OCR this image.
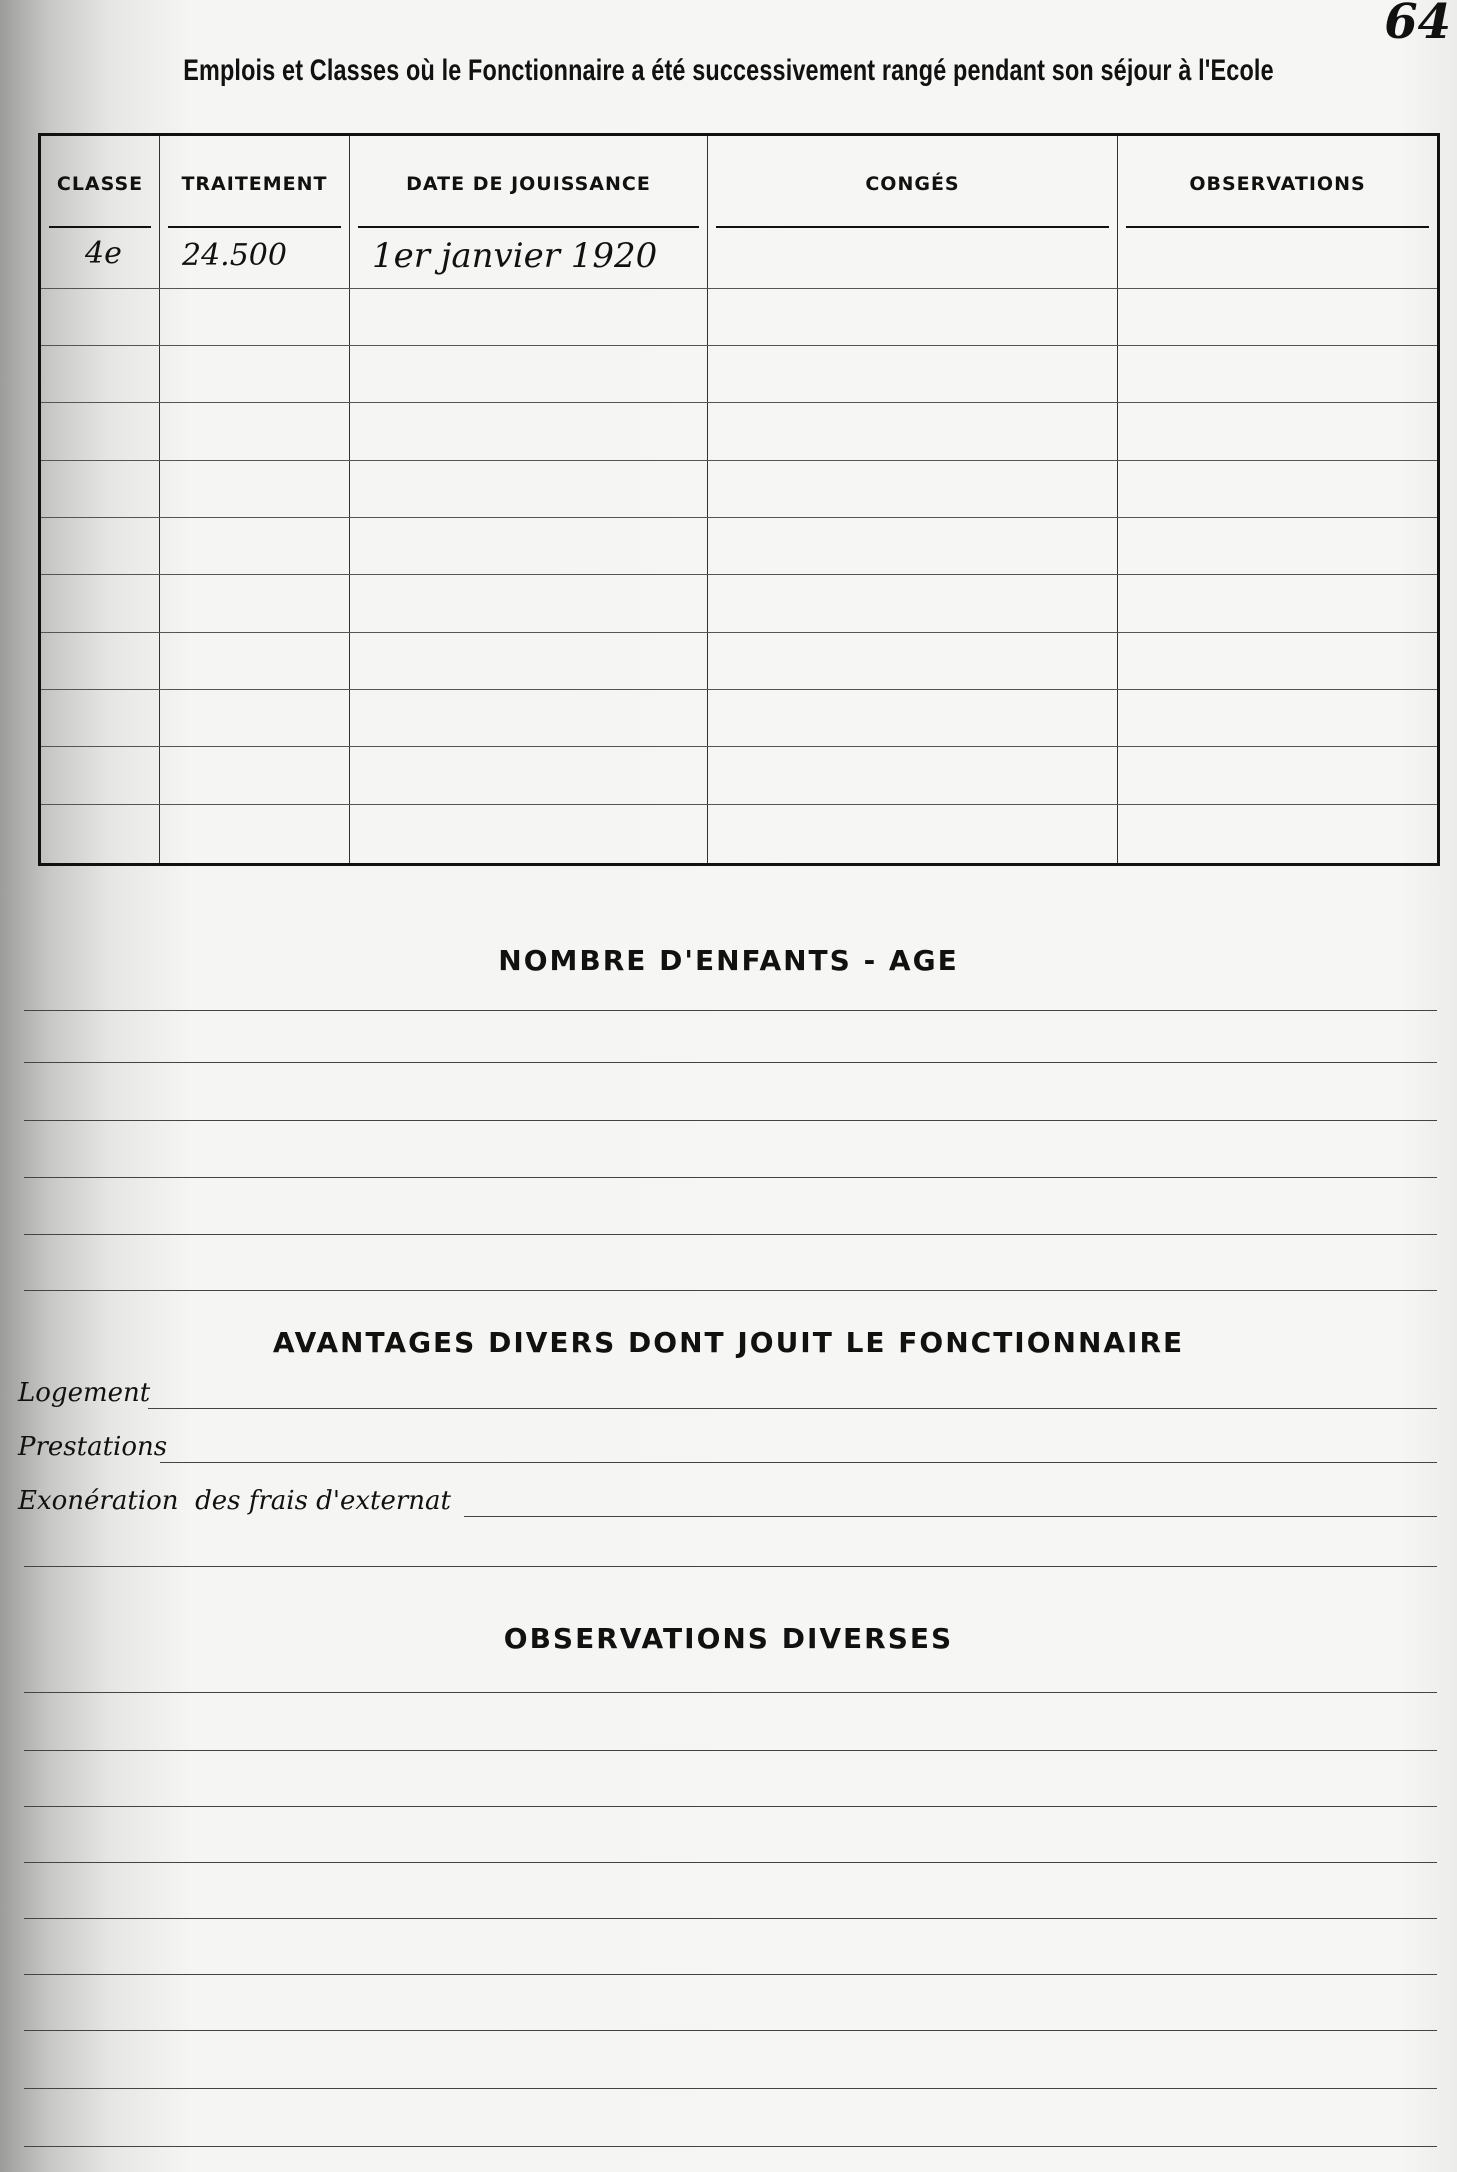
64
Emplois et Classes où le Fonctionnaire a été successivement rangé pendant son séjour à l'Ecole
CLASSE	TRAITEMENT	DATE DE JOUISSANCE	CONGÉS	OBSERVATIONS

4e	24.500	1er janvier 1920		

NOMBRE D'ENFANTS - AGE
AVANTAGES DIVERS DONT JOUIT LE FONCTIONNAIRE
Logement
Prestations
Exonération des frais d'externat
OBSERVATIONS DIVERSES
